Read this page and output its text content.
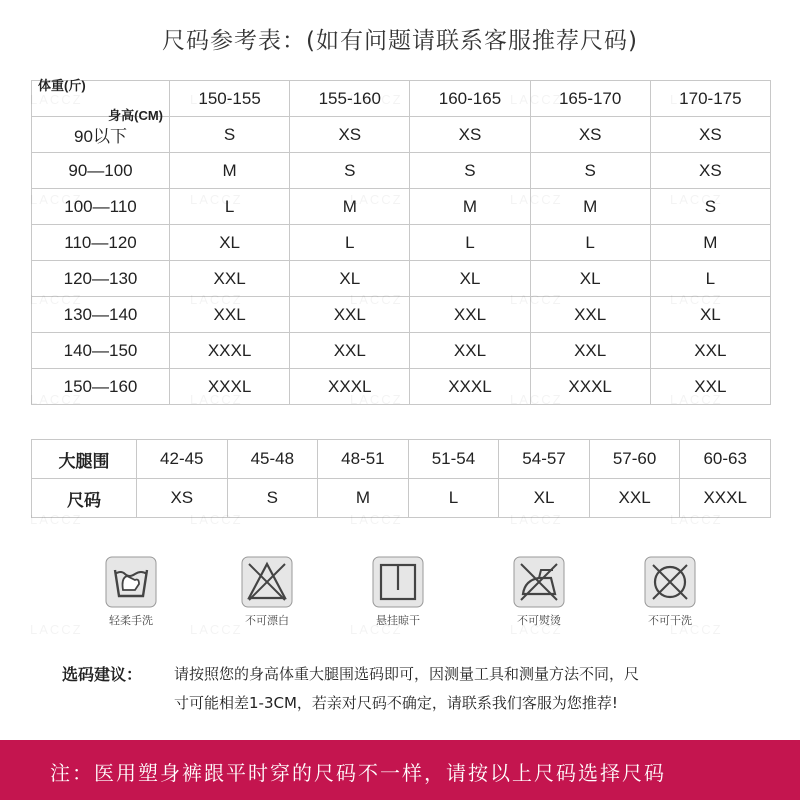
尺码参考表：(如有问题请联系客服推荐尺码)
身高(CM)
体重(斤)	150-155	155-160	160-165	165-170	170-175
90以下	S	XS	XS	XS	XS
90—100	M	S	S	S	XS
100—110	L	M	M	M	S
110—120	XL	L	L	L	M
120—130	XXL	XL	XL	XL	L
130—140	XXL	XXL	XXL	XXL	XL
140—150	XXXL	XXL	XXL	XXL	XXL
150—160	XXXL	XXXL	XXXL	XXXL	XXL
大腿围	42-45	45-48	48-51	51-54	54-57	57-60	60-63
尺码	XS	S	M	L	XL	XXL	XXXL
轻柔手洗	不可漂白	悬挂晾干	不可熨烫	不可干洗
选码建议： 请按照您的身高体重大腿围选码即可，因测量工具和测量方法不同，尺
寸可能相差1-3CM，若亲对尺码不确定，请联系我们客服为您推荐!
注：医用塑身裤跟平时穿的尺码不一样，请按以上尺码选择尺码
